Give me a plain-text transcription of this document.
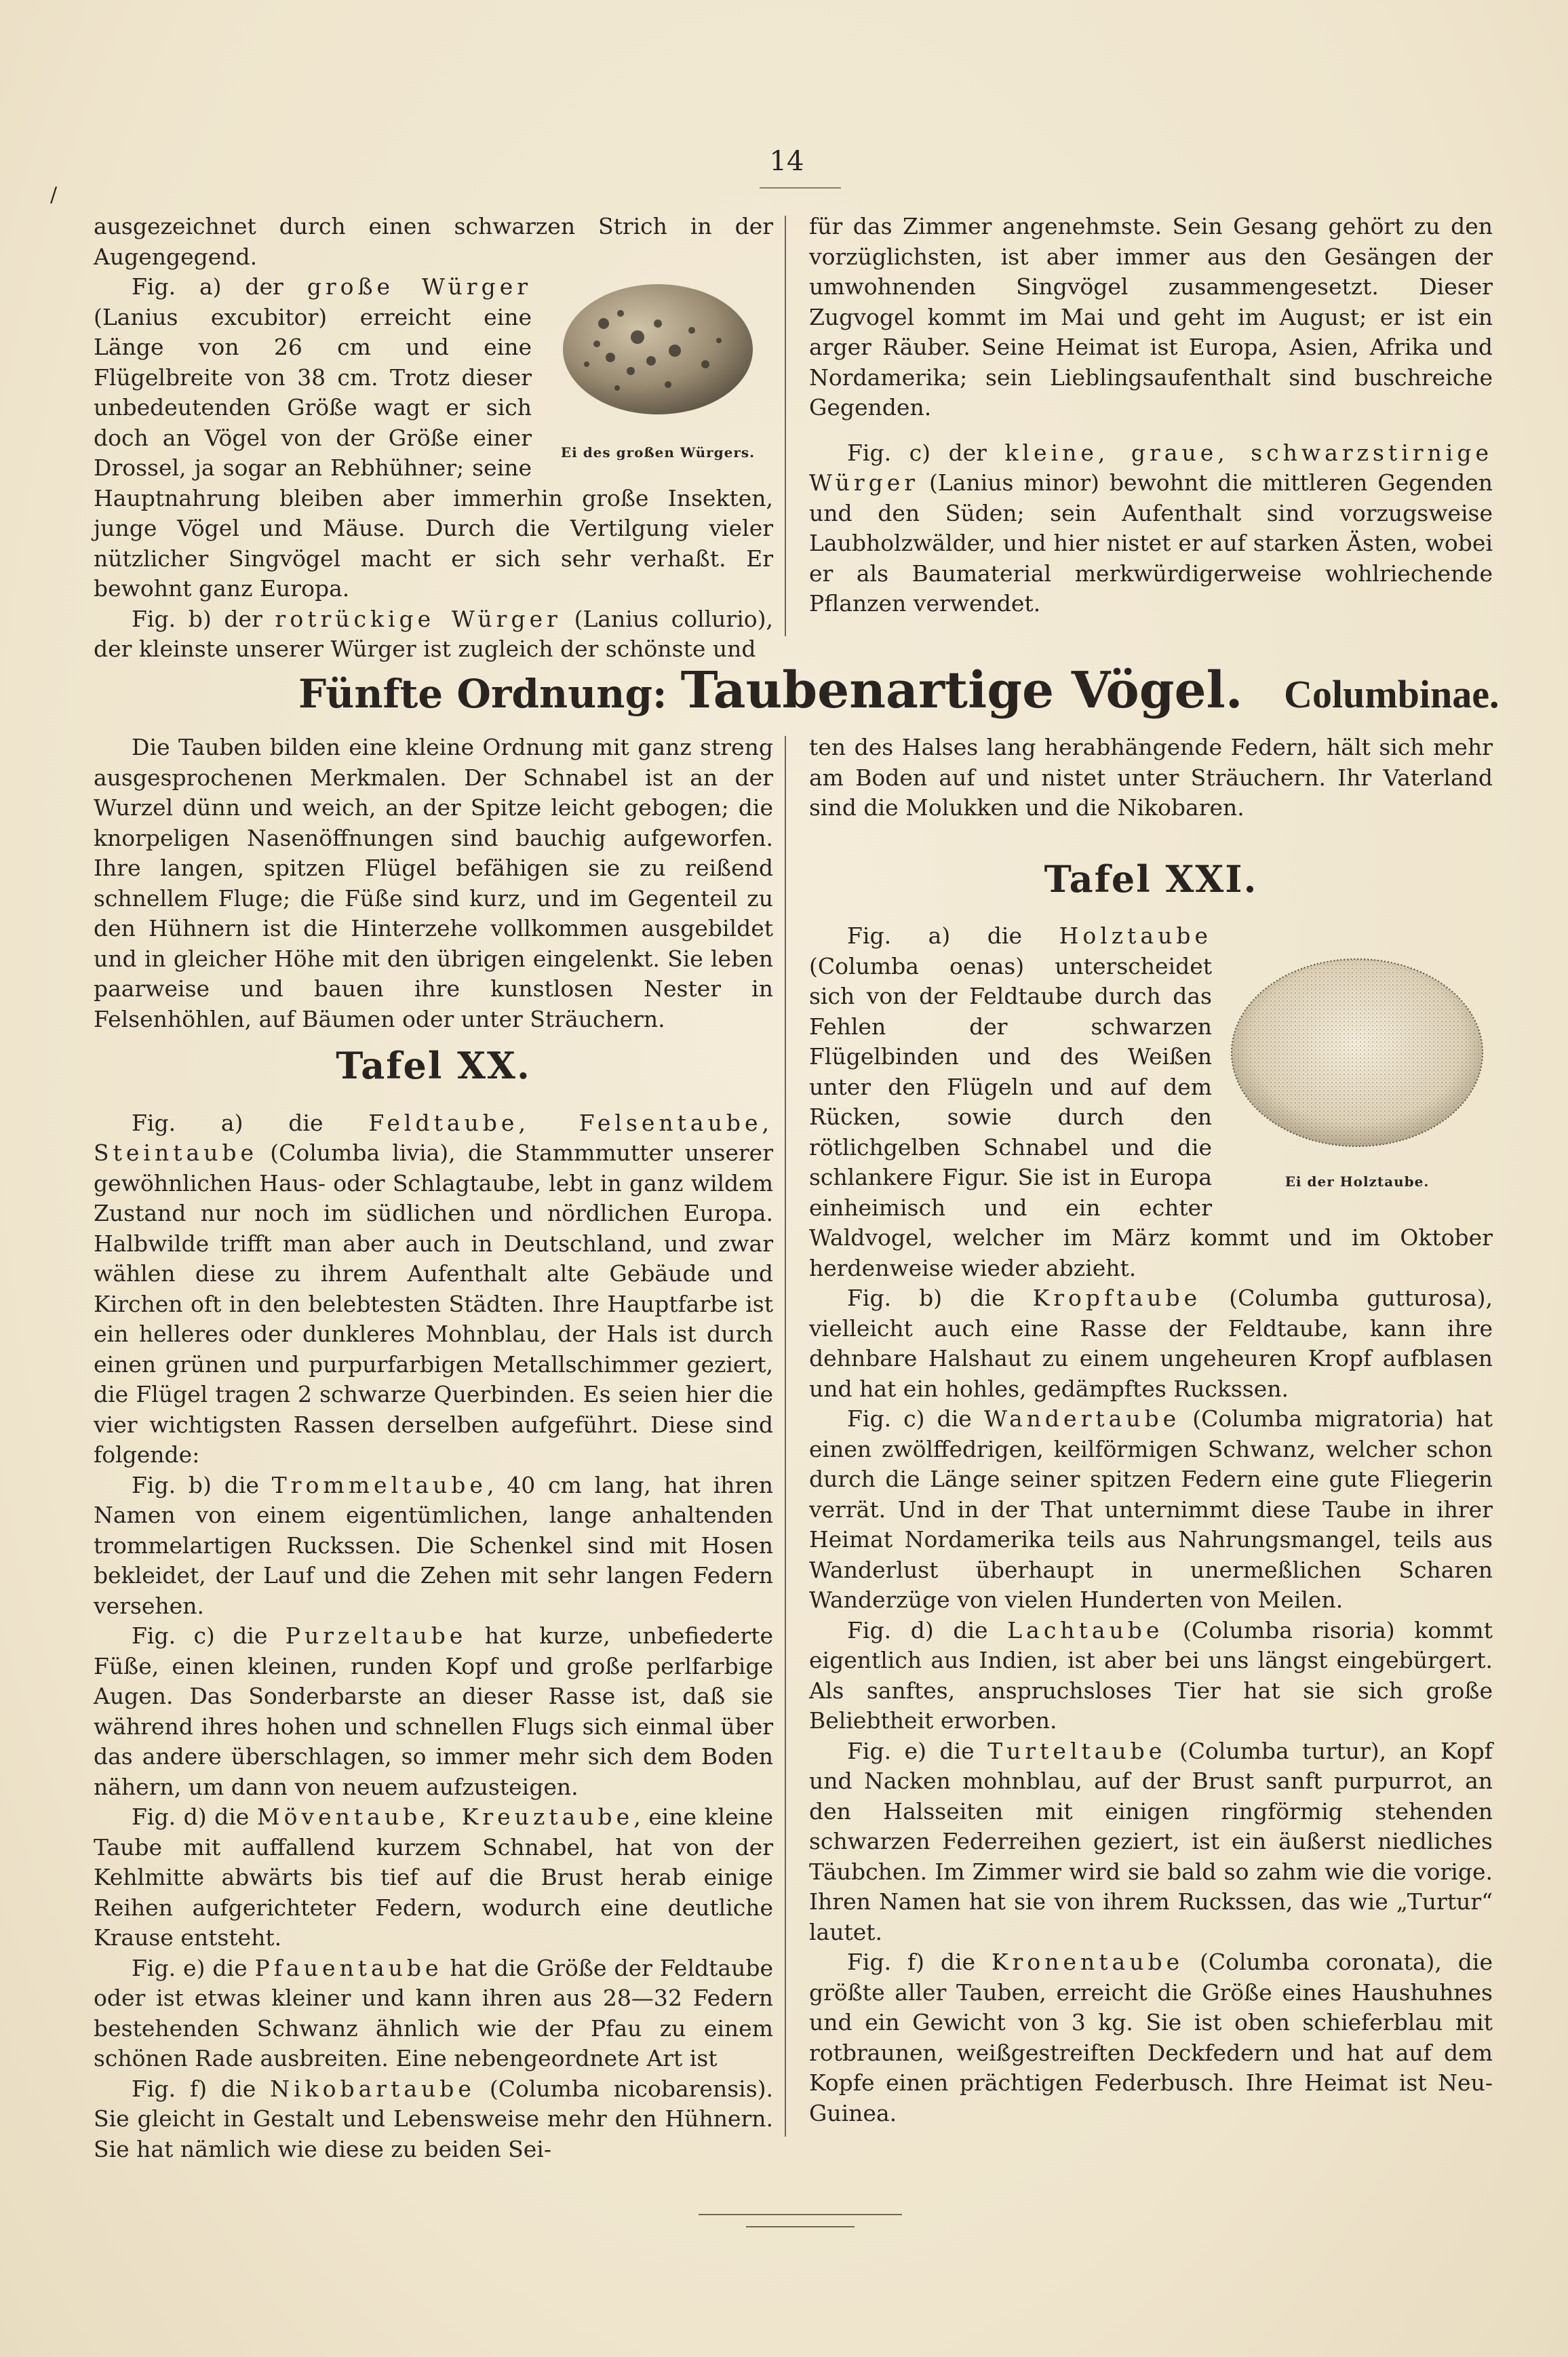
/
14

ausgezeichnet durch einen schwarzen Strich in der Augengegend.

Ei des großen Würgers.

Fig. a) der große Würger (Lanius excubitor) erreicht eine Länge von 26 cm und eine Flügelbreite von 38 cm. Trotz dieser unbedeutenden Größe wagt er sich doch an Vögel von der Größe einer Drossel, ja sogar an Rebhühner; seine Hauptnahrung bleiben aber immerhin große Insekten, junge Vögel und Mäuse. Durch die Vertilgung vieler nützlicher Singvögel macht er sich sehr verhaßt. Er bewohnt ganz Europa.

Fig. b) der rotrückige Würger (Lanius collurio), der kleinste unserer Würger ist zugleich der schönste und

für das Zimmer angenehmste. Sein Gesang gehört zu den vorzüglichsten, ist aber immer aus den Gesängen der umwohnenden Singvögel zusammengesetzt. Dieser Zugvogel kommt im Mai und geht im August; er ist ein arger Räuber. Seine Heimat ist Europa, Asien, Afrika und Nordamerika; sein Lieblingsaufenthalt sind buschreiche Gegenden.

Fig. c) der kleine, graue, schwarzstirnige Würger (Lanius minor) bewohnt die mittleren Gegenden und den Süden; sein Aufenthalt sind vorzugsweise Laubholzwälder, und hier nistet er auf starken Ästen, wobei er als Baumaterial merkwürdigerweise wohlriechende Pflanzen verwendet.

Fünfte Ordnung: Taubenartige Vögel. Columbinae.

Die Tauben bilden eine kleine Ordnung mit ganz streng ausgesprochenen Merkmalen. Der Schnabel ist an der Wurzel dünn und weich, an der Spitze leicht gebogen; die knorpeligen Nasenöffnungen sind bauchig aufgeworfen. Ihre langen, spitzen Flügel befähigen sie zu reißend schnellem Fluge; die Füße sind kurz, und im Gegenteil zu den Hühnern ist die Hinterzehe vollkommen ausgebildet und in gleicher Höhe mit den übrigen eingelenkt. Sie leben paarweise und bauen ihre kunstlosen Nester in Felsenhöhlen, auf Bäumen oder unter Sträuchern.

Tafel XX.

Fig. a) die Feldtaube, Felsentaube, Steintaube (Columba livia), die Stammmutter unserer gewöhnlichen Haus- oder Schlagtaube, lebt in ganz wildem Zustand nur noch im südlichen und nördlichen Europa. Halbwilde trifft man aber auch in Deutschland, und zwar wählen diese zu ihrem Aufenthalt alte Gebäude und Kirchen oft in den belebtesten Städten. Ihre Hauptfarbe ist ein helleres oder dunkleres Mohnblau, der Hals ist durch einen grünen und purpurfarbigen Metallschimmer geziert, die Flügel tragen 2 schwarze Querbinden. Es seien hier die vier wichtigsten Rassen derselben aufgeführt. Diese sind folgende:

Fig. b) die Trommeltaube, 40 cm lang, hat ihren Namen von einem eigentümlichen, lange anhaltenden trommelartigen Ruckssen. Die Schenkel sind mit Hosen bekleidet, der Lauf und die Zehen mit sehr langen Federn versehen.

Fig. c) die Purzeltaube hat kurze, unbefiederte Füße, einen kleinen, runden Kopf und große perlfarbige Augen. Das Sonderbarste an dieser Rasse ist, daß sie während ihres hohen und schnellen Flugs sich einmal über das andere überschlagen, so immer mehr sich dem Boden nähern, um dann von neuem aufzusteigen.

Fig. d) die Möventaube, Kreuztaube, eine kleine Taube mit auffallend kurzem Schnabel, hat von der Kehlmitte abwärts bis tief auf die Brust herab einige Reihen aufgerichteter Federn, wodurch eine deutliche Krause entsteht.

Fig. e) die Pfauentaube hat die Größe der Feldtaube oder ist etwas kleiner und kann ihren aus 28—32 Federn bestehenden Schwanz ähnlich wie der Pfau zu einem schönen Rade ausbreiten. Eine nebengeordnete Art ist

Fig. f) die Nikobartaube (Columba nicobarensis). Sie gleicht in Gestalt und Lebensweise mehr den Hühnern. Sie hat nämlich wie diese zu beiden Sei-

ten des Halses lang herabhängende Federn, hält sich mehr am Boden auf und nistet unter Sträuchern. Ihr Vaterland sind die Molukken und die Nikobaren.

Tafel XXI.
Ei der Holztaube.

Fig. a) die Holztaube (Columba oenas) unterscheidet sich von der Feldtaube durch das Fehlen der schwarzen Flügelbinden und des Weißen unter den Flügeln und auf dem Rücken, sowie durch den rötlichgelben Schnabel und die schlankere Figur. Sie ist in Europa einheimisch und ein echter Waldvogel, welcher im März kommt und im Oktober herdenweise wieder abzieht.

Fig. b) die Kropftaube (Columba gutturosa), vielleicht auch eine Rasse der Feldtaube, kann ihre dehnbare Halshaut zu einem ungeheuren Kropf aufblasen und hat ein hohles, gedämpftes Ruckssen.

Fig. c) die Wandertaube (Columba migratoria) hat einen zwölffedrigen, keilförmigen Schwanz, welcher schon durch die Länge seiner spitzen Federn eine gute Fliegerin verrät. Und in der That unternimmt diese Taube in ihrer Heimat Nordamerika teils aus Nahrungsmangel, teils aus Wanderlust überhaupt in unermeßlichen Scharen Wanderzüge von vielen Hunderten von Meilen.

Fig. d) die Lachtaube (Columba risoria) kommt eigentlich aus Indien, ist aber bei uns längst eingebürgert. Als sanftes, anspruchsloses Tier hat sie sich große Beliebtheit erworben.

Fig. e) die Turteltaube (Columba turtur), an Kopf und Nacken mohnblau, auf der Brust sanft purpurrot, an den Halsseiten mit einigen ringförmig stehenden schwarzen Federreihen geziert, ist ein äußerst niedliches Täubchen. Im Zimmer wird sie bald so zahm wie die vorige. Ihren Namen hat sie von ihrem Ruckssen, das wie „Turtur“ lautet.

Fig. f) die Kronentaube (Columba coronata), die größte aller Tauben, erreicht die Größe eines Haushuhnes und ein Gewicht von 3 kg. Sie ist oben schieferblau mit rotbraunen, weißgestreiften Deckfedern und hat auf dem Kopfe einen prächtigen Federbusch. Ihre Heimat ist Neu-Guinea.
